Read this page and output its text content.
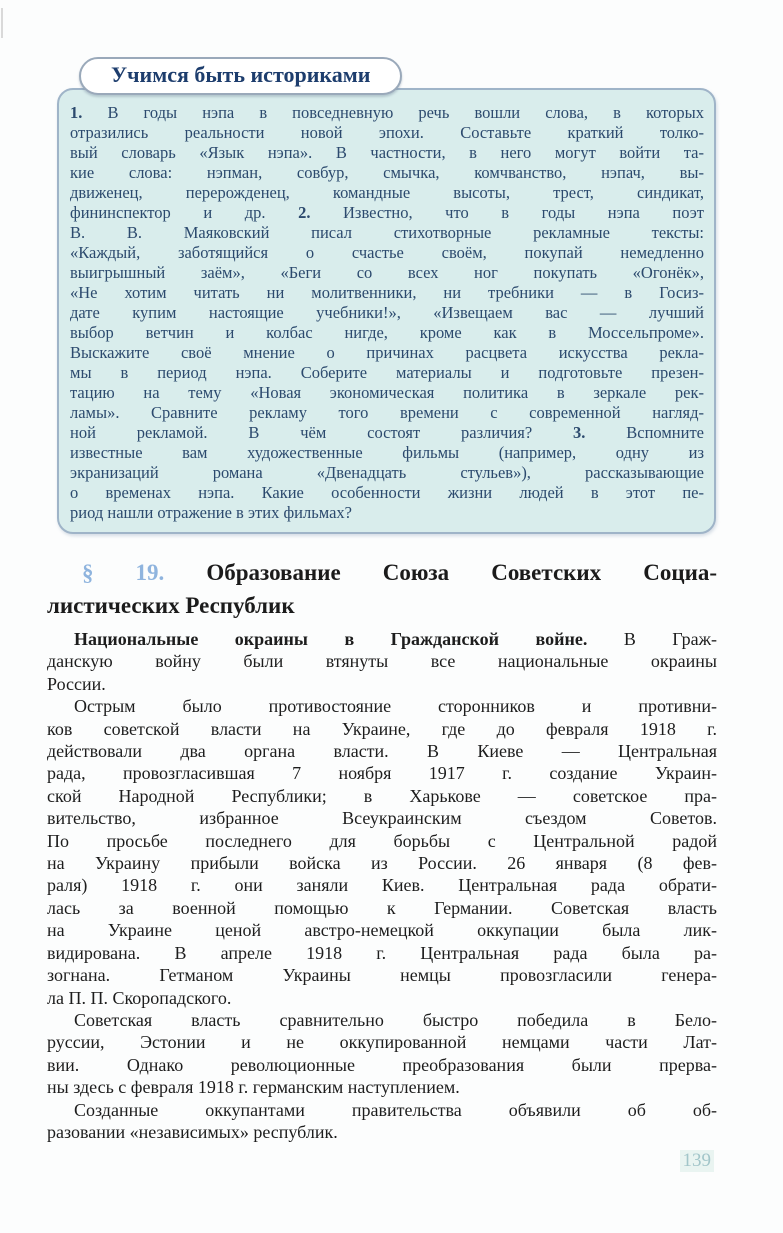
Учимся быть историками
1. В годы нэпа в повседневную речь вошли слова, в которых
отразились реальности новой эпохи. Составьте краткий толко-
вый словарь «Язык нэпа». В частности, в него могут войти та-
кие слова: нэпман, совбур, смычка, комчванство, нэпач, вы-
движенец, перерожденец, командные высоты, трест, синдикат,
фининспектор и др. 2. Известно, что в годы нэпа поэт
В. В. Маяковский писал стихотворные рекламные тексты:
«Каждый, заботящийся о счастье своём, покупай немедленно
выигрышный заём», «Беги со всех ног покупать «Огонёк»,
«Не хотим читать ни молитвенники, ни требники — в Госиз-
дате купим настоящие учебники!», «Извещаем вас — лучший
выбор ветчин и колбас нигде, кроме как в Моссельпроме».
Выскажите своё мнение о причинах расцвета искусства рекла-
мы в период нэпа. Соберите материалы и подготовьте презен-
тацию на тему «Новая экономическая политика в зеркале рек-
ламы». Сравните рекламу того времени с современной нагляд-
ной рекламой. В чём состоят различия? 3. Вспомните
известные вам художественные фильмы (например, одну из
экранизаций романа «Двенадцать стульев»), рассказывающие
о временах нэпа. Какие особенности жизни людей в этот пе-
риод нашли отражение в этих фильмах?
§ 19. Образование Союза Советских Социа-
листических Республик
Национальные окраины в Гражданской войне. В Граж-
данскую войну были втянуты все национальные окраины
России.
Острым было противостояние сторонников и противни-
ков советской власти на Украине, где до февраля 1918 г.
действовали два органа власти. В Киеве — Центральная
рада, провозгласившая 7 ноября 1917 г. создание Украин-
ской Народной Республики; в Харькове — советское пра-
вительство, избранное Всеукраинским съездом Советов.
По просьбе последнего для борьбы с Центральной радой
на Украину прибыли войска из России. 26 января (8 фев-
раля) 1918 г. они заняли Киев. Центральная рада обрати-
лась за военной помощью к Германии. Советская власть
на Украине ценой австро-немецкой оккупации была лик-
видирована. В апреле 1918 г. Центральная рада была ра-
зогнана. Гетманом Украины немцы провозгласили генера-
ла П. П. Скоропадского.
Советская власть сравнительно быстро победила в Бело-
руссии, Эстонии и не оккупированной немцами части Лат-
вии. Однако революционные преобразования были прерва-
ны здесь с февраля 1918 г. германским наступлением.
Созданные оккупантами правительства объявили об об-
разовании «независимых» республик.
139
